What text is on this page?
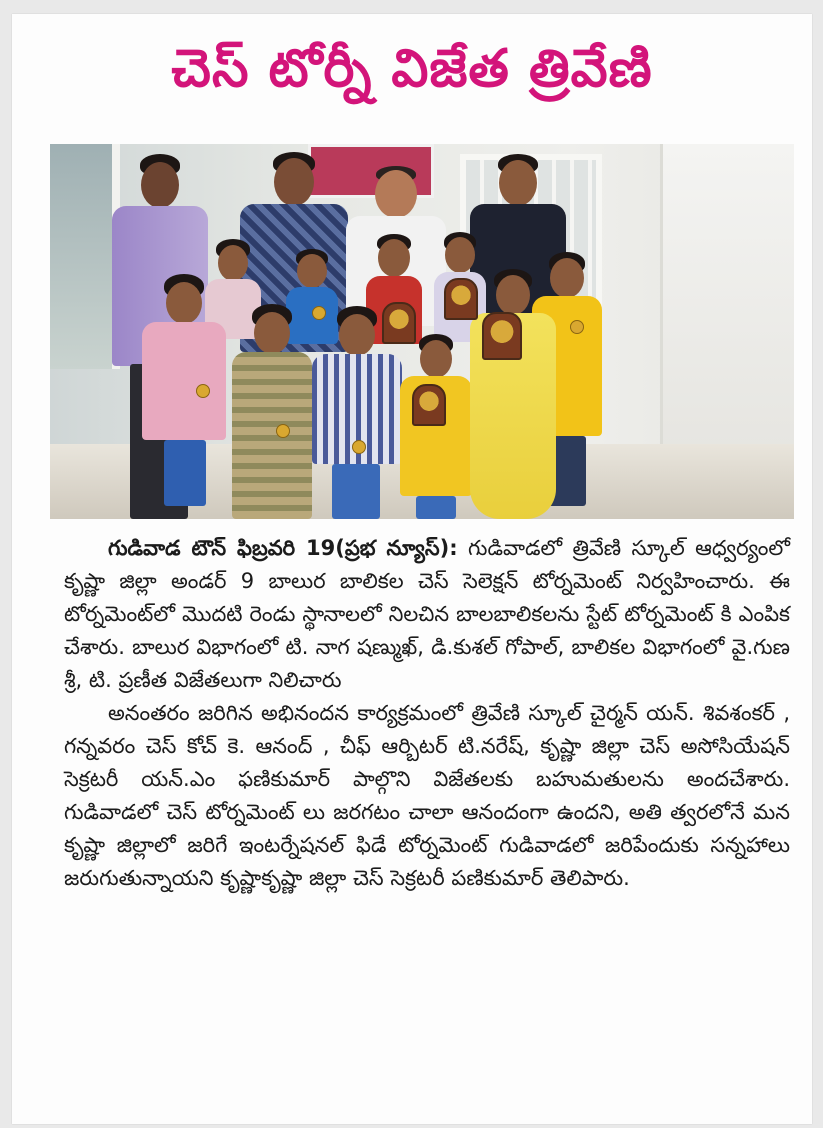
చెస్ టోర్నీ విజేత త్రివేణి

గుడివాడ టౌన్ ఫిబ్రవరి 19(ప్రభ న్యూస్): గుడివాడలో త్రివేణి స్కూల్ ఆధ్వర్యంలో కృష్ణా జిల్లా అండర్ 9 బాలుర బాలికల చెస్ సెలెక్షన్ టోర్నమెంట్ నిర్వహించారు. ఈ టోర్నమెంట్‌లో మొదటి రెండు స్థానాలలో నిలచిన బాలబాలికలను స్టేట్ టోర్నమెంట్ కి ఎంపిక చేశారు. బాలుర విభాగంలో టి. నాగ షణ్ముఖ్, డి.కుశల్ గోపాల్, బాలికల విభాగంలో వై.గుణ శ్రీ, టి. ప్రణీత విజేతలుగా నిలిచారు

అనంతరం జరిగిన అభినందన కార్యక్రమంలో త్రివేణి స్కూల్ చైర్మన్ యన్. శివశంకర్ , గన్నవరం చెస్ కోచ్ కె. ఆనంద్ , చీఫ్ ఆర్బిటర్ టి.నరేష్, కృష్ణా జిల్లా చెస్ అసోసియేషన్ సెక్రటరీ యన్.ఎం ఫణికుమార్ పాల్గొని విజేతలకు బహుమతులను అందచేశారు. గుడివాడలో చెస్ టోర్నమెంట్ లు జరగటం చాలా ఆనందంగా ఉందని, అతి త్వరలోనే మన కృష్ణా జిల్లాలో జరిగే ఇంటర్నేషనల్ ఫిడే టోర్నమెంట్ గుడివాడలో జరిపేందుకు సన్నహాలు జరుగుతున్నాయని కృష్ణాకృష్ణా జిల్లా చెస్ సెక్రటరీ పణికుమార్ తెలిపారు.
